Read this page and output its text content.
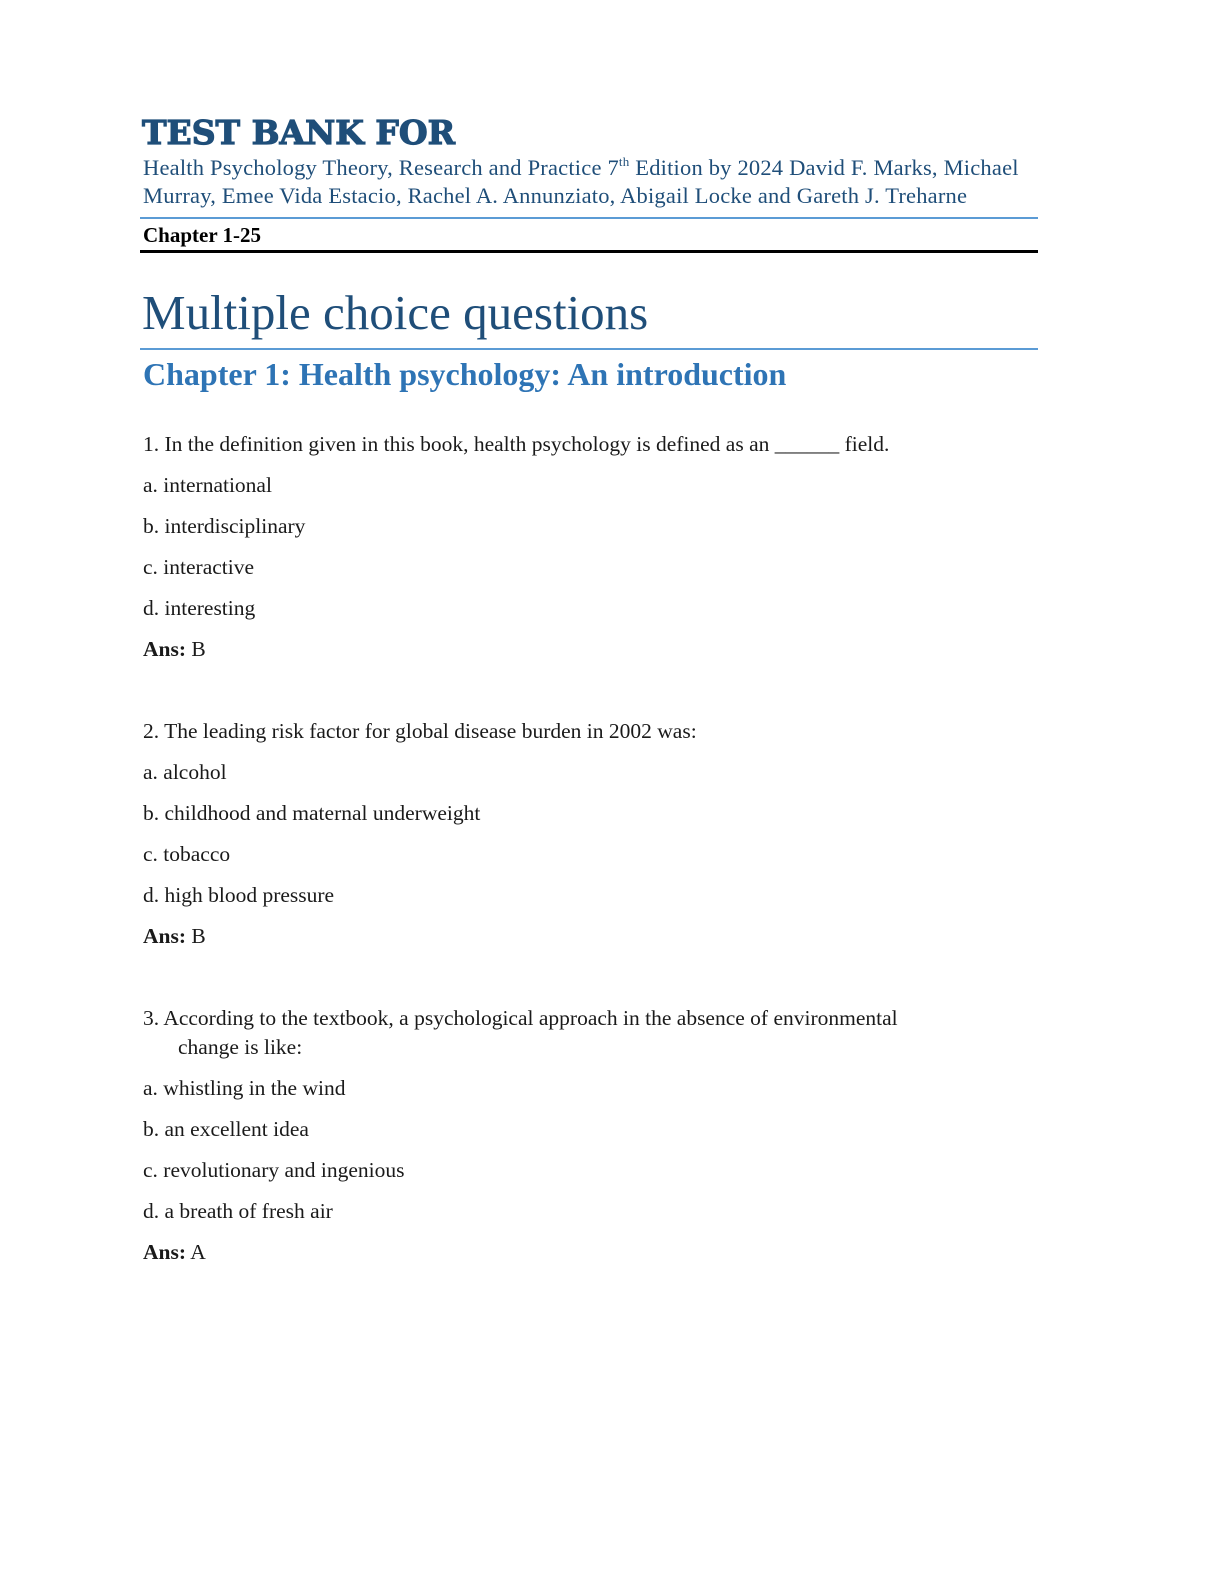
TEST BANK FOR
Health Psychology Theory, Research and Practice 7th Edition by 2024 David F. Marks, Michael Murray, Emee Vida Estacio, Rachel A. Annunziato, Abigail Locke and Gareth J. Treharne
Chapter 1-25
Multiple choice questions
Chapter 1: Health psychology: An introduction

1. In the definition given in this book, health psychology is defined as an ______ field.

a. international

b. interdisciplinary

c. interactive

d. interesting

Ans: B

2. The leading risk factor for global disease burden in 2002 was:

a. alcohol

b. childhood and maternal underweight

c. tobacco

d. high blood pressure

Ans: B

3. According to the textbook, a psychological approach in the absence of environmental
change is like:

a. whistling in the wind

b. an excellent idea

c. revolutionary and ingenious

d. a breath of fresh air

Ans: A
